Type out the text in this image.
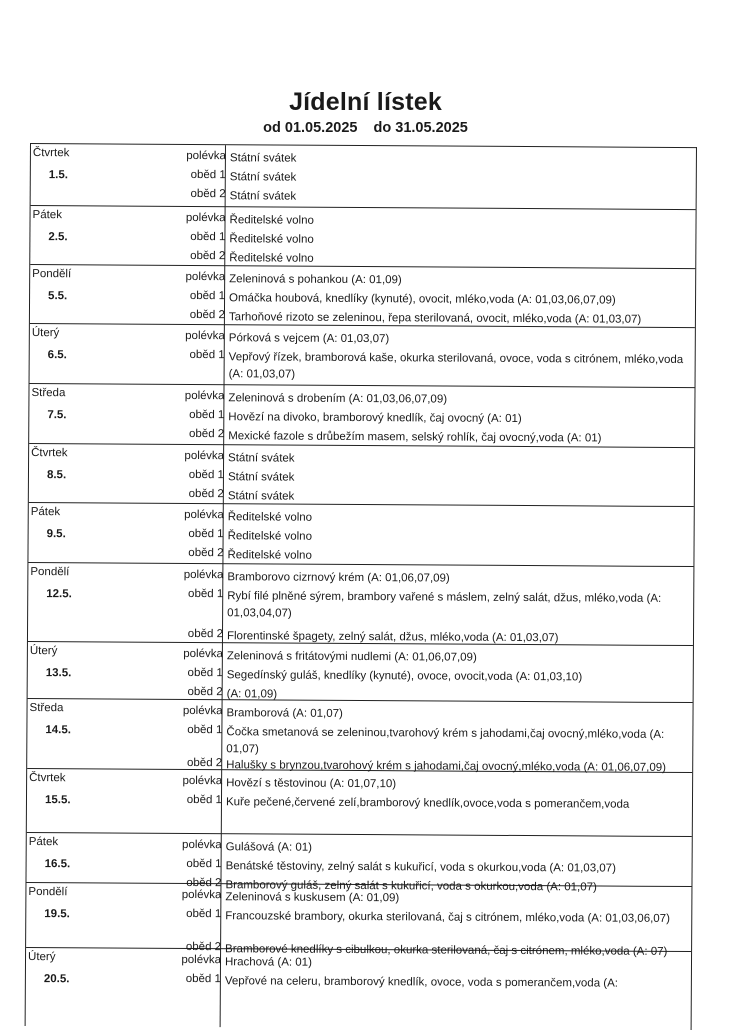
Jídelní lístek
od 01.05.2025 do 31.05.2025
Čtvrtek
1.5.
polévka Státní svátek
oběd 1 Státní svátek
oběd 2 Státní svátek
Pátek
2.5.
polévka Ředitelské volno
oběd 1 Ředitelské volno
oběd 2 Ředitelské volno
Pondělí
5.5.
polévka Zeleninová s pohankou (A: 01,09)
oběd 1 Omáčka houbová, knedlíky (kynuté), ovocit, mléko,voda (A: 01,03,06,07,09)
oběd 2 Tarhoňové rizoto se zeleninou, řepa sterilovaná, ovocit, mléko,voda (A: 01,03,07)
Úterý
6.5.
polévka Pórková s vejcem (A: 01,03,07)
oběd 1 Vepřový řízek, bramborová kaše, okurka sterilovaná, ovoce, voda s citrónem, mléko,voda (A: 01,03,07)
Středa
7.5.
polévka Zeleninová s drobením (A: 01,03,06,07,09)
oběd 1 Hovězí na divoko, bramborový knedlík, čaj ovocný (A: 01)
oběd 2 Mexické fazole s drůbežím masem, selský rohlík, čaj ovocný,voda (A: 01)
Čtvrtek
8.5.
polévka Státní svátek
oběd 1 Státní svátek
oběd 2 Státní svátek
Pátek
9.5.
polévka Ředitelské volno
oběd 1 Ředitelské volno
oběd 2 Ředitelské volno
Pondělí
12.5.
polévka Bramborovo cizrnový krém (A: 01,06,07,09)
oběd 1 Rybí filé plněné sýrem, brambory vařené s máslem, zelný salát, džus, mléko,voda (A: 01,03,04,07)
oběd 2 Florentinské špagety, zelný salát, džus, mléko,voda (A: 01,03,07)
Úterý
13.5.
polévka Zeleninová s fritátovými nudlemi (A: 01,06,07,09)
oběd 1 Segedínský guláš, knedlíky (kynuté), ovoce, ovocit,voda (A: 01,03,10)
oběd 2 (A: 01,09)
Středa
14.5.
polévka Bramborová (A: 01,07)
oběd 1 Čočka smetanová se zeleninou,tvarohový krém s jahodami,čaj ovocný,mléko,voda (A: 01,07)
oběd 2 Halušky s brynzou,tvarohový krém s jahodami,čaj ovocný,mléko,voda (A: 01,06,07,09)
Čtvrtek
15.5.
polévka Hovězí s těstovinou (A: 01,07,10)
oběd 1 Kuře pečené,červené zelí,bramborový knedlík,ovoce,voda s pomerančem,voda
Pátek
16.5.
polévka Gulášová (A: 01)
oběd 1 Benátské těstoviny, zelný salát s kukuřicí, voda s okurkou,voda (A: 01,03,07)
oběd 2 Bramborový guláš, zelný salát s kukuřicí, voda s okurkou,voda (A: 01,07)
Pondělí
19.5.
polévka Zeleninová s kuskusem (A: 01,09)
oběd 1 Francouzské brambory, okurka sterilovaná, čaj s citrónem, mléko,voda (A: 01,03,06,07)
oběd 2 Bramborové knedlíky s cibulkou, okurka sterilovaná, čaj s citrónem, mléko,voda (A: 07)
Úterý
20.5.
polévka Hrachová (A: 01)
oběd 1 Vepřové na celeru, bramborový knedlík, ovoce, voda s pomerančem,voda (A:
